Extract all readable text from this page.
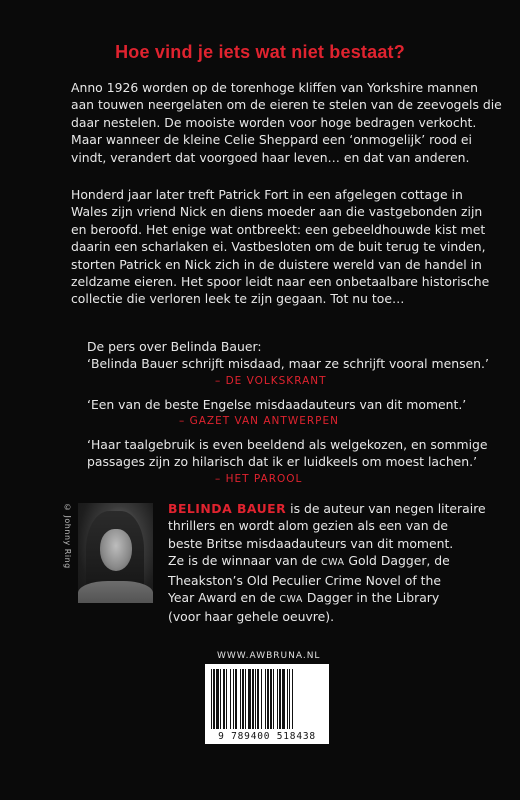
Hoe vind je iets wat niet bestaat?
Anno 1926 worden op de torenhoge kliffen van Yorkshire mannen
aan touwen neergelaten om de eieren te stelen van de zeevogels die
daar nestelen. De mooiste worden voor hoge bedragen verkocht.
Maar wanneer de kleine Celie Sheppard een ‘onmogelijk’ rood ei
vindt, verandert dat voorgoed haar leven… en dat van anderen.
Honderd jaar later treft Patrick Fort in een afgelegen cottage in
Wales zijn vriend Nick en diens moeder aan die vastgebonden zijn
en beroofd. Het enige wat ontbreekt: een gebeeldhouwde kist met
daarin een scharlaken ei. Vastbesloten om de buit terug te vinden,
storten Patrick en Nick zich in de duistere wereld van de handel in
zeldzame eieren. Het spoor leidt naar een onbetaalbare historische
collectie die verloren leek te zijn gegaan. Tot nu toe…
De pers over Belinda Bauer:
‘Belinda Bauer schrijft misdaad, maar ze schrijft vooral mensen.’
– DE VOLKSKRANT
‘Een van de beste Engelse misdaadauteurs van dit moment.’
– GAZET VAN ANTWERPEN
‘Haar taalgebruik is even beeldend als welgekozen, en sommige
passages zijn zo hilarisch dat ik er luidkeels om moest lachen.’
– HET PAROOL
© Johnny Ring	BELINDA BAUER is de auteur van negen literaire
thrillers en wordt alom gezien als een van de
beste Britse misdaadauteurs van dit moment.
Ze is de winnaar van de CWA Gold Dagger, de
Theakston’s Old Peculier Crime Novel of the
Year Award en de CWA Dagger in the Library
(voor haar gehele oeuvre).
WWW.AWBRUNA.NL
9 789400 518438
